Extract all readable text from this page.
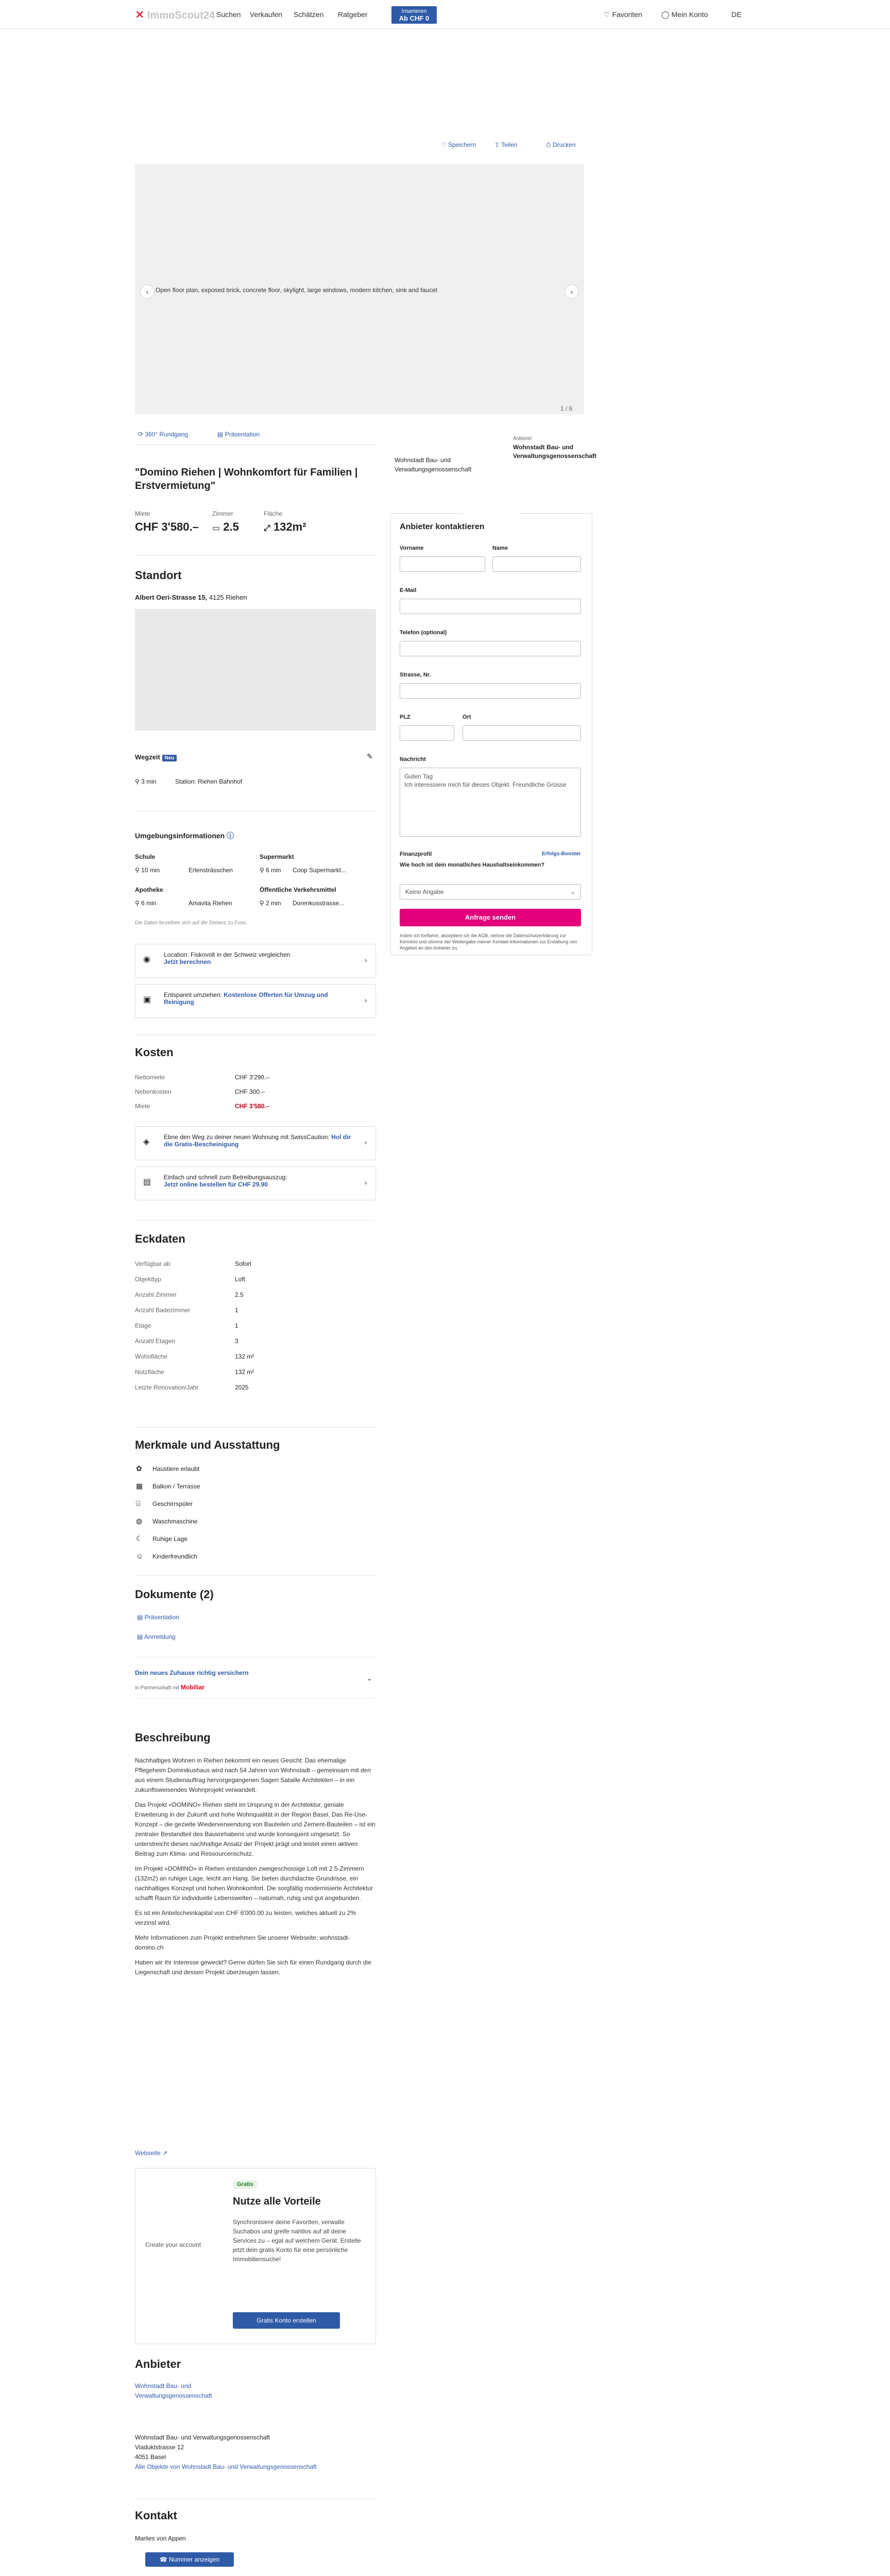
✕ ImmoScout24 Suchen Verkaufen Schätzen Ratgeber	Inserieren
Ab CHF 0	♡ Favoriten	◯ Mein Konto	DE
♡ Speichern	⇪ Teilen	⎙ Drucken
‹	›
Open floor plan, exposed brick, concrete floor, skylight, large windows, modern kitchen, sink and faucet
1 / 6
⟳ 360° Rundgang	▤ Präsentation
"Domino Riehen | Wohnkomfort für Familien | Erstvermietung"
Miete
CHF 3'580.–
Zimmer
▭ 2.5
Fläche
⤢ 132m²
Standort
Albert Oeri-Strasse 15, 4125 Riehen
Wegzeit Neu	✎
⚲ 3 min	Station: Riehen Bahnhof
Umgebungsinformationen ⓘ
Schule
⚲ 10 min	Erlensträsschen
Supermarkt
⚲ 6 min Coop Supermarkt...
Apotheke
⚲ 6 min	Amavita Riehen
Öffentliche Verkehrsmittel
⚲ 2 min Dorenkusstrasse...
Die Daten beziehen sich auf die Distanz zu Fuss.
◉
Location: Fiskovolt in der Schweiz vergleichen
Jetzt berechnen	›
▣
Entspannt umziehen: Kostenlose Offerten für Umzug und Reinigung	›
Kosten
Nettomiete	CHF 3'290.–
Nebenkosten	CHF 300.–
Miete	CHF 3'580.–
◈
Ebne den Weg zu deiner neuen Wohnung mit SwissCaution: Hol dir die Gratis-Bescheinigung	›
▤
Einfach und schnell zum Betreibungsauszug:
Jetzt online bestellen für CHF 29.90	›
Eckdaten
Merkmale und Ausstattung
Dokumente (2)
▤ Präsentation
▤ Anmeldung
Dein neues Zuhause richtig versichern
in Partnerschaft mit Mobiliar
⌄
Beschreibung

Nachhaltiges Wohnen in Riehen bekommt ein neues Gesicht: Das ehemalige Pflegeheim Dominikushaus wird nach 54 Jahren von Wohnstadt – gemeinsam mit den aus einem Studienauftrag hervorgegangenen Sagen Sataille Architekten – in ein zukunftsweisendes Wohnprojekt verwandelt.

Das Projekt «DOMINO» Riehen steht im Ursprung in der Architektur, geniale Erweiterung in der Zukunft und hohe Wohnqualität in der Region Basel. Das Re-Use-Konzept – die gezielte Wiederverwendung von Bauteilen und Zement-Bauteilen – ist ein zentraler Bestandteil des Bauvorhabens und wurde konsequent umgesetzt. So unterstreicht dieses nachhaltige Ansatz der Projekt prägt und leistet einen aktiven Beitrag zum Klima- und Ressourcenschutz.

Im Projekt «DOMINO» in Riehen entstanden zweigeschossige Loft mit 2.5-Zimmern (132m2) an ruhiger Lage, leicht am Hang. Sie bieten durchdachte Grundrisse, ein nachhaltiges Konzept und hohen Wohnkomfort. Die sorgfältig modernisierte Architektur schafft Raum für individuelle Lebenswelten – naturnah, ruhig und gut angebunden.

Es ist ein Anteilscheinkapital von CHF 6'000.00 zu leisten, welches aktuell zu 2% verzinst wird.

Mehr Informationen zum Projekt entnehmen Sie unserer Webseite: wohnstadt-domino.ch

Haben wir Ihr Interesse geweckt? Gerne dürfen Sie sich für einen Rundgang durch die Liegenschaft und dessen Projekt überzeugen lassen.

Webseite ↗
Create your account
Gratis
Nutze alle Vorteile
Synchronisiere deine Favoriten, verwalte Suchabos und greife nahtlos auf all deine Services zu – egal auf welchem Gerät. Erstelle jetzt dein gratis Konto für eine persönliche Immobiliensuche!
Gratis Konto erstellen
Anbieter
Wohnstadt Bau- und Verwaltungsgenossenschaft
Wohnstadt Bau- und Verwaltungsgenossenschaft
Viaduktstrasse 12
4051 Basel
Alle Objekte von Wohnstadt Bau- und Verwaltungsgenossenschaft
Kontakt
Marlies von Appen
☎ Nummer anzeigen
Wohnstadt Bau- und Verwaltungsgenossenschaft
Anbieter
Wohnstadt Bau- und Verwaltungsgenossenschaft
Anbieter kontaktieren
Vorname	Name
E-Mail
Telefon (optional)
Strasse, Nr.
PLZ	Ort
Nachricht
Guten Tag
Ich interessiere mich für dieses Objekt. Freundliche Grüsse
Finanzprofil	Erfolgs-Booster
Wie hoch ist dein monatliches Haushaltseinkommen?
Keine Angabe	⌄
Anfrage senden
Indem ich fortfahre, akzeptiere ich die AGB, nehme die Datenschutzerklärung zur Kenntnis und stimme der Weitergabe meiner Kontakt-Informationen zur Erstattung von Angebot an den Anbieter zu.
Verfügbar ab	Sofort
Objekttyp	Loft
Anzahl Zimmer	2.5
Anzahl Badezimmer	1
Etage	1
Anzahl Etagen	3
Wohnfläche	132 m²
Nutzfläche	132 m²
Letzte Renovation/Jahr	2025
✿ Haustiere erlaubt
▦ Balkon / Terrasse
⌸ Geschirrspüler
◍ Waschmaschine
☾ Ruhige Lage
☺ Kinderfreundlich
